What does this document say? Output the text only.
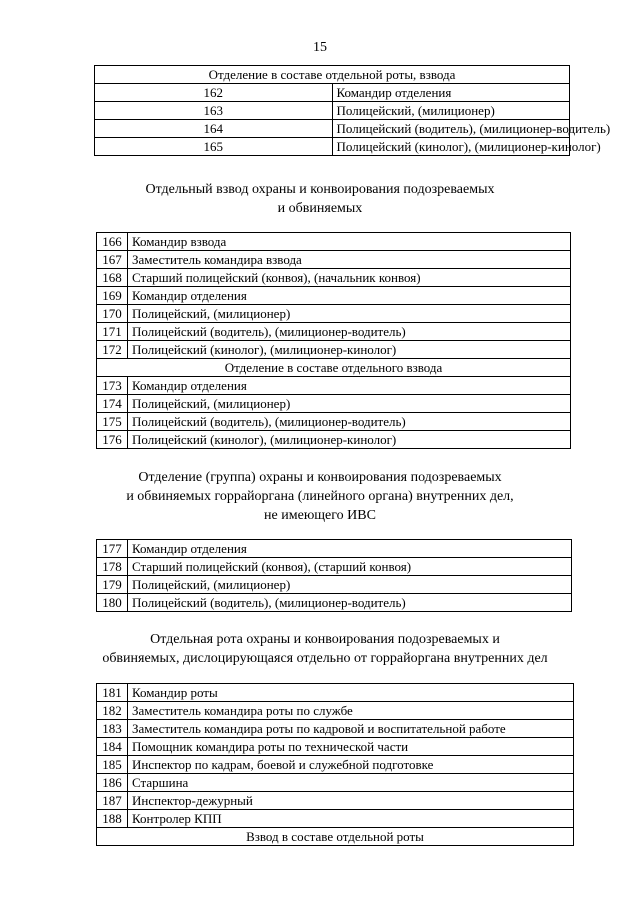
15
Отделение в составе отдельной роты, взвода	
162	Командир отделения
163	Полицейский, (милиционер)
164	Полицейский (водитель), (милиционер-водитель)
165	Полицейский (кинолог), (милиционер-кинолог)
Отдельный взвод охраны и конвоирования подозреваемых
и обвиняемых
166	Командир взвода
167	Заместитель командира взвода
168	Старший полицейский (конвоя), (начальник конвоя)
169	Командир отделения
170	Полицейский, (милиционер)
171	Полицейский (водитель), (милиционер-водитель)
172	Полицейский (кинолог), (милиционер-кинолог)
Отделение в составе отдельного взвода	
173	Командир отделения
174	Полицейский, (милиционер)
175	Полицейский (водитель), (милиционер-водитель)
176	Полицейский (кинолог), (милиционер-кинолог)
Отделение (группа) охраны и конвоирования подозреваемых
и обвиняемых горрайоргана (линейного органа) внутренних дел,
не имеющего ИВС
177	Командир отделения
178	Старший полицейский (конвоя), (старший конвоя)
179	Полицейский, (милиционер)
180	Полицейский (водитель), (милиционер-водитель)
Отдельная рота охраны и конвоирования подозреваемых и
обвиняемых, дислоцирующаяся отдельно от горрайоргана внутренних дел
181	Командир роты
182	Заместитель командира роты по службе
183	Заместитель командира роты по кадровой и воспитательной работе
184	Помощник командира роты по технической части
185	Инспектор по кадрам, боевой и служебной подготовке
186	Старшина
187	Инспектор-дежурный
188	Контролер КПП
Взвод в составе отдельной роты	
